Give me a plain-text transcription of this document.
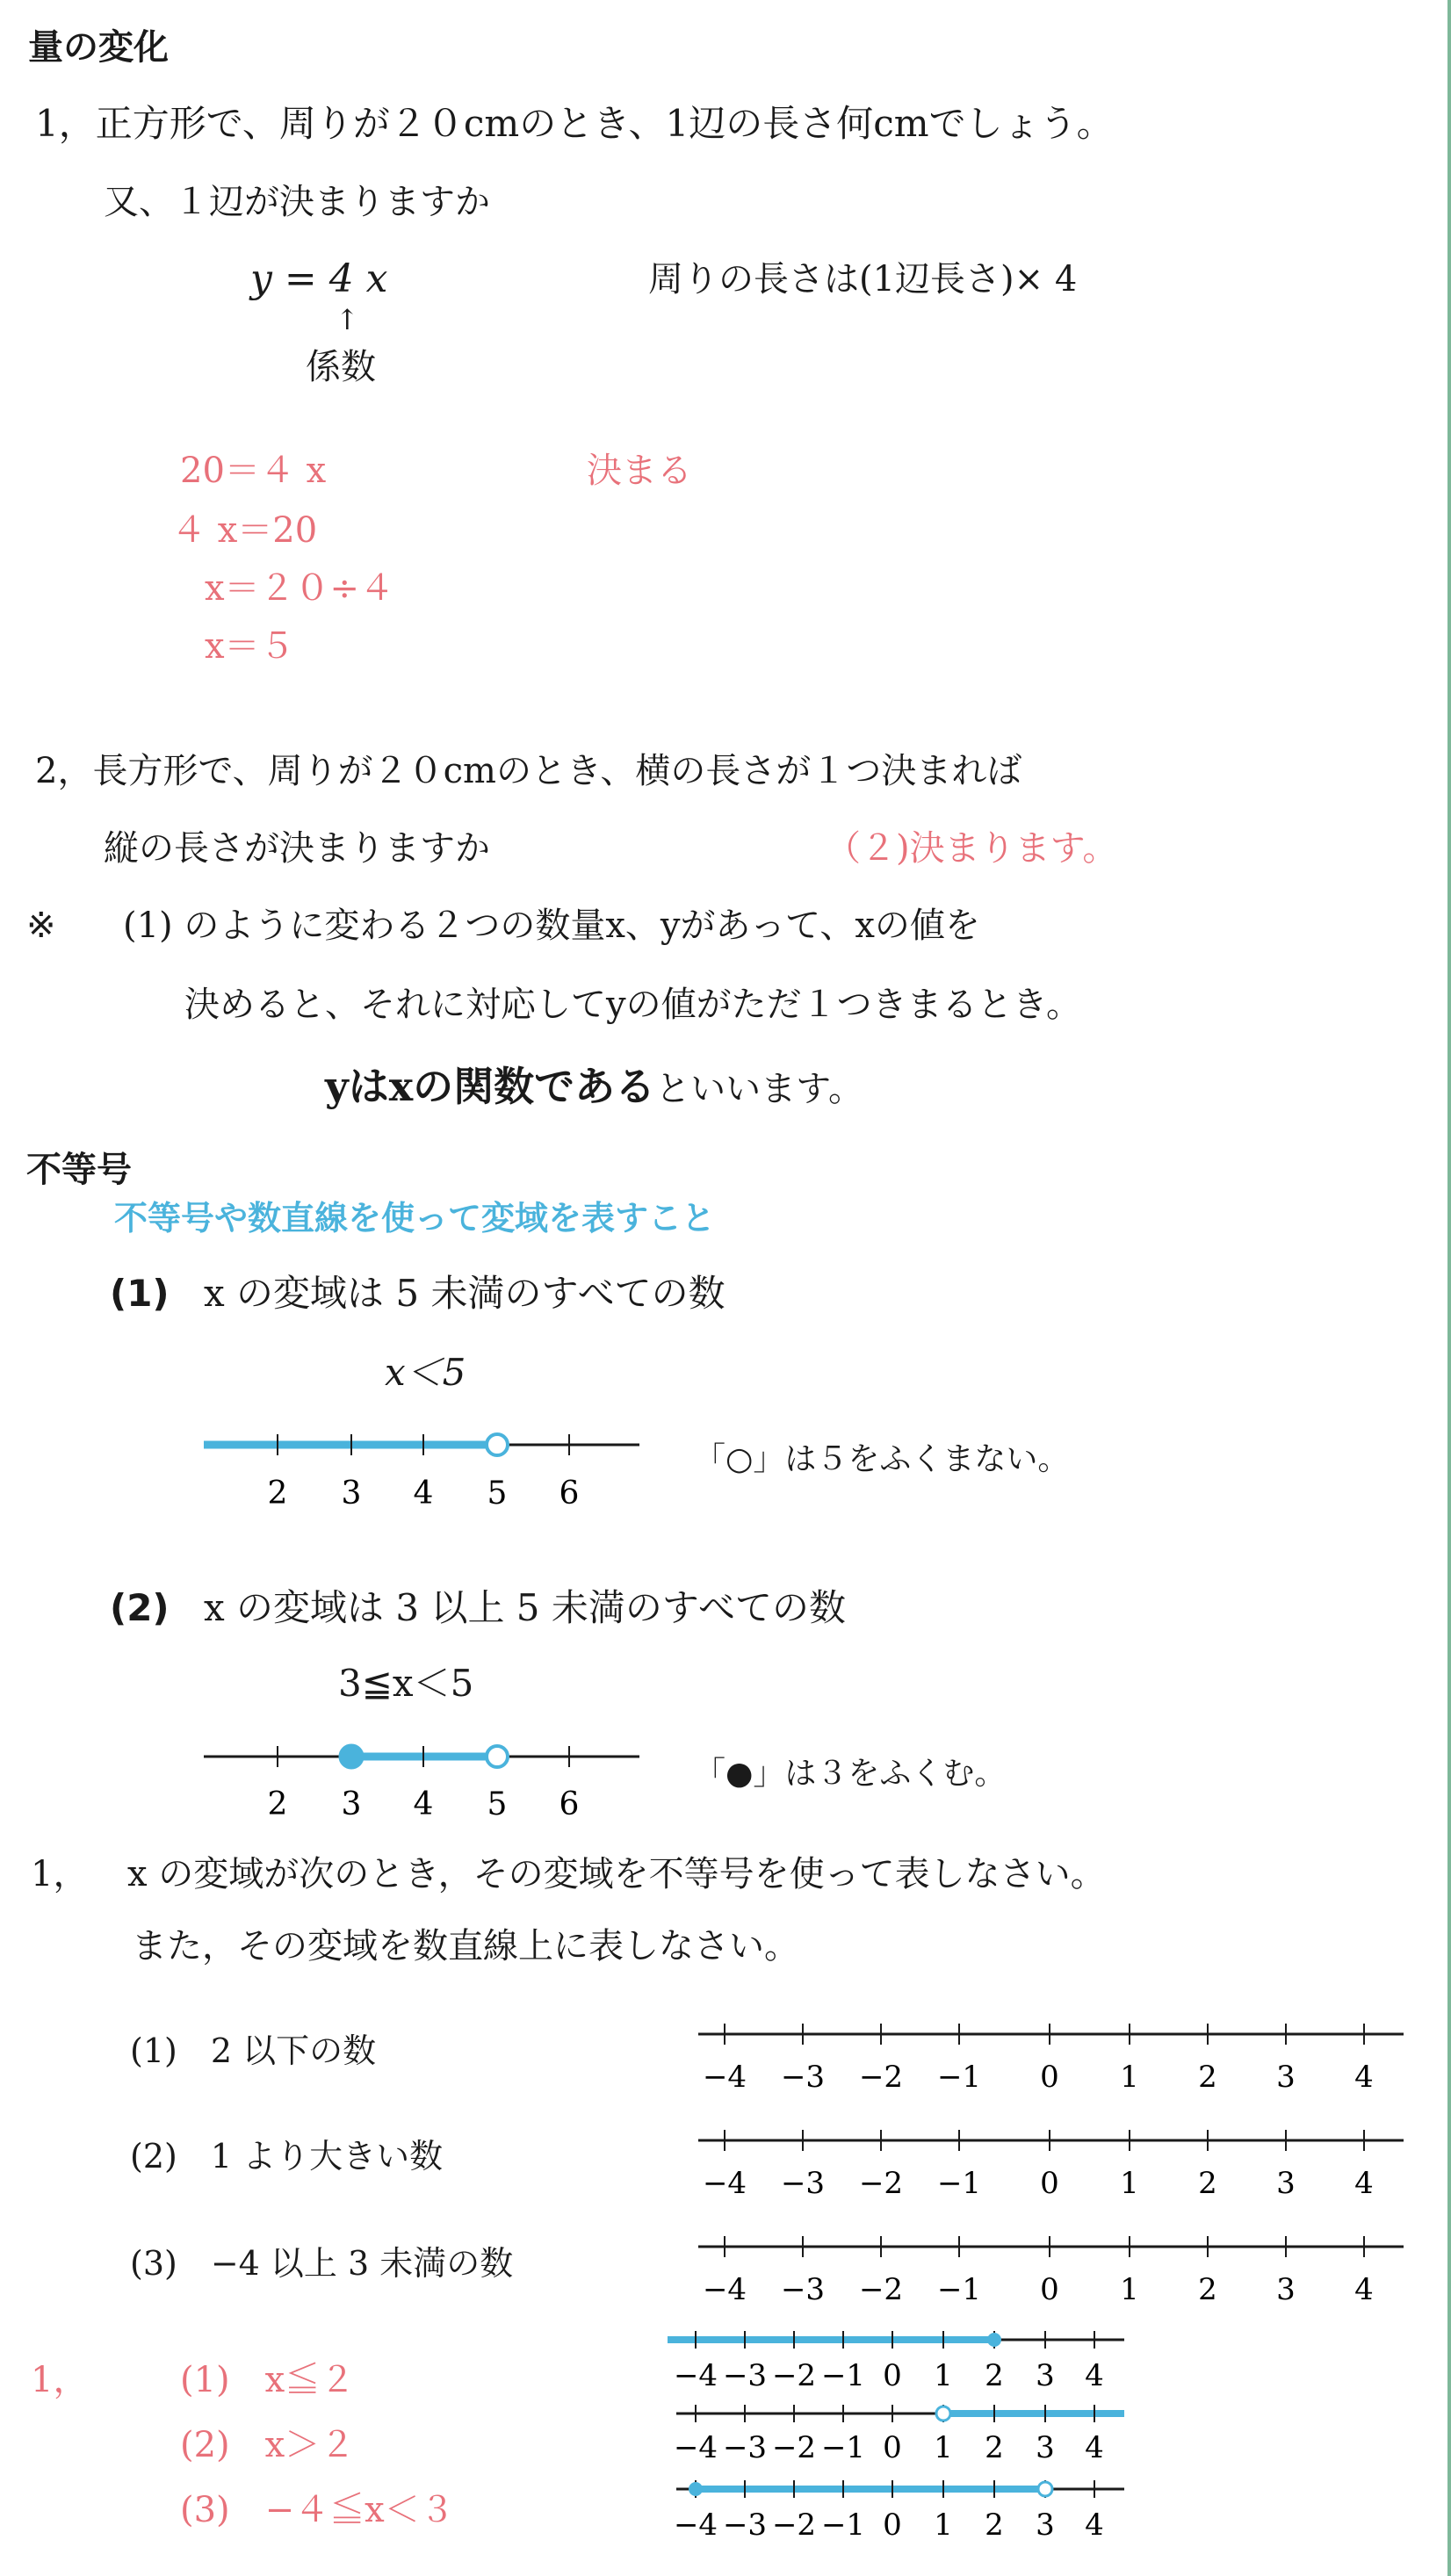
量の変化
1，正方形で、周りが２０cmのとき、1辺の長さ何cmでしょう。
又、１辺が決まりますか
y = 4 x
↑
係数
周りの長さは(1辺長さ)× 4
20＝４ x
４ x＝20
x＝２０÷４
x＝５
決まる
2，長方形で、周りが２０cmのとき、横の長さが１つ決まれば
縦の長さが決まりますか	（２)決まります。
※ (1) のように変わる２つの数量x、yがあって、xの値を
決めると、それに対応してyの値がただ１つきまるとき。
yはxの関数であるといいます。
不等号
不等号や数直線を使って変域を表すこと
(1) x の変域は 5 未満のすべての数
x＜5
2 3 4 5 6
「○」は５をふくまない。
(2) x の変域は 3 以上 5 未満のすべての数
3≦x＜5
2 3 4 5 6
「●」は３をふくむ。
1， x の変域が次のとき，その変域を不等号を使って表しなさい。
また，その変域を数直線上に表しなさい。
(1)　2 以下の数
(2)　1 より大きい数
(3)　−4 以上 3 未満の数
−4 −3 −2 −1 0 1 2 3 4
−4 −3 −2 −1 0 1 2 3 4
−4 −3 −2 −1 0 1 2 3 4
1，	(1)　x≦２
(2)　x＞２
(3)　−４≦x＜３
−4 −3 −2 −1 0 1 2 3 4
−4 −3 −2 −1 0 1 2 3 4
−4 −3 −2 −1 0 1 2 3 4
